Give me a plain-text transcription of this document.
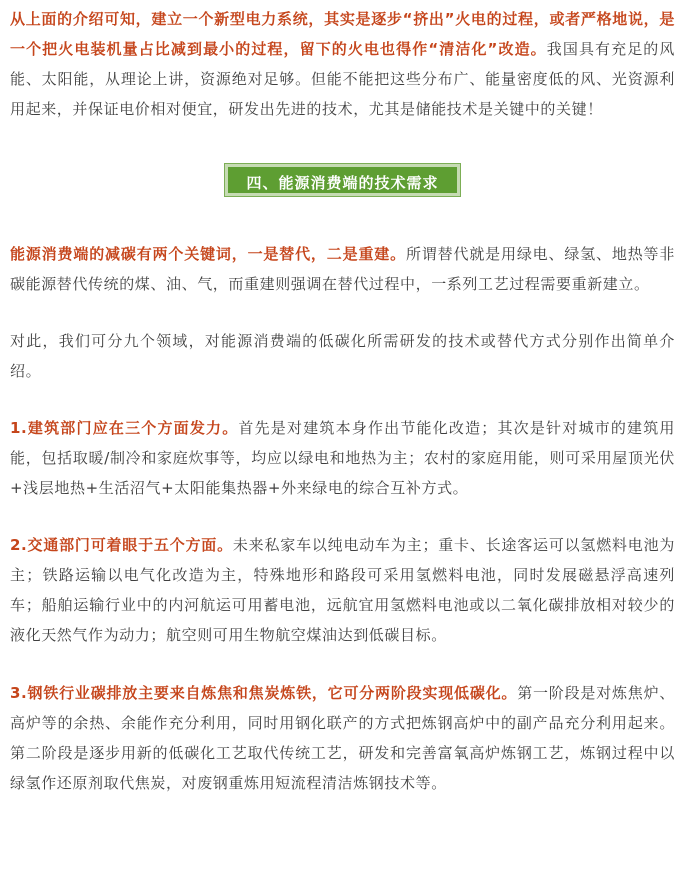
从上面的介绍可知，建立一个新型电力系统，其实是逐步“挤出”火电的过程，或者严格地说，是一个把火电装机量占比减到最小的过程，留下的火电也得作“清洁化”改造。我国具有充足的风能、太阳能，从理论上讲，资源绝对足够。但能不能把这些分布广、能量密度低的风、光资源利用起来，并保证电价相对便宜，研发出先进的技术，尤其是储能技术是关键中的关键！

四、能源消费端的技术需求

能源消费端的减碳有两个关键词，一是替代，二是重建。所谓替代就是用绿电、绿氢、地热等非碳能源替代传统的煤、油、气，而重建则强调在替代过程中，一系列工艺过程需要重新建立。

对此，我们可分九个领域，对能源消费端的低碳化所需研发的技术或替代方式分别作出简单介绍。

1.建筑部门应在三个方面发力。首先是对建筑本身作出节能化改造；其次是针对城市的建筑用能，包括取暖/制冷和家庭炊事等，均应以绿电和地热为主；农村的家庭用能，则可采用屋顶光伏+浅层地热+生活沼气+太阳能集热器+外来绿电的综合互补方式。

2.交通部门可着眼于五个方面。未来私家车以纯电动车为主；重卡、长途客运可以氢燃料电池为主；铁路运输以电气化改造为主，特殊地形和路段可采用氢燃料电池，同时发展磁悬浮高速列车；船舶运输行业中的内河航运可用蓄电池，远航宜用氢燃料电池或以二氧化碳排放相对较少的液化天然气作为动力；航空则可用生物航空煤油达到低碳目标。

3.钢铁行业碳排放主要来自炼焦和焦炭炼铁，它可分两阶段实现低碳化。第一阶段是对炼焦炉、高炉等的余热、余能作充分利用，同时用钢化联产的方式把炼钢高炉中的副产品充分利用起来。第二阶段是逐步用新的低碳化工艺取代传统工艺，研发和完善富氧高炉炼钢工艺，炼钢过程中以绿氢作还原剂取代焦炭，对废钢重炼用短流程清洁炼钢技术等。
